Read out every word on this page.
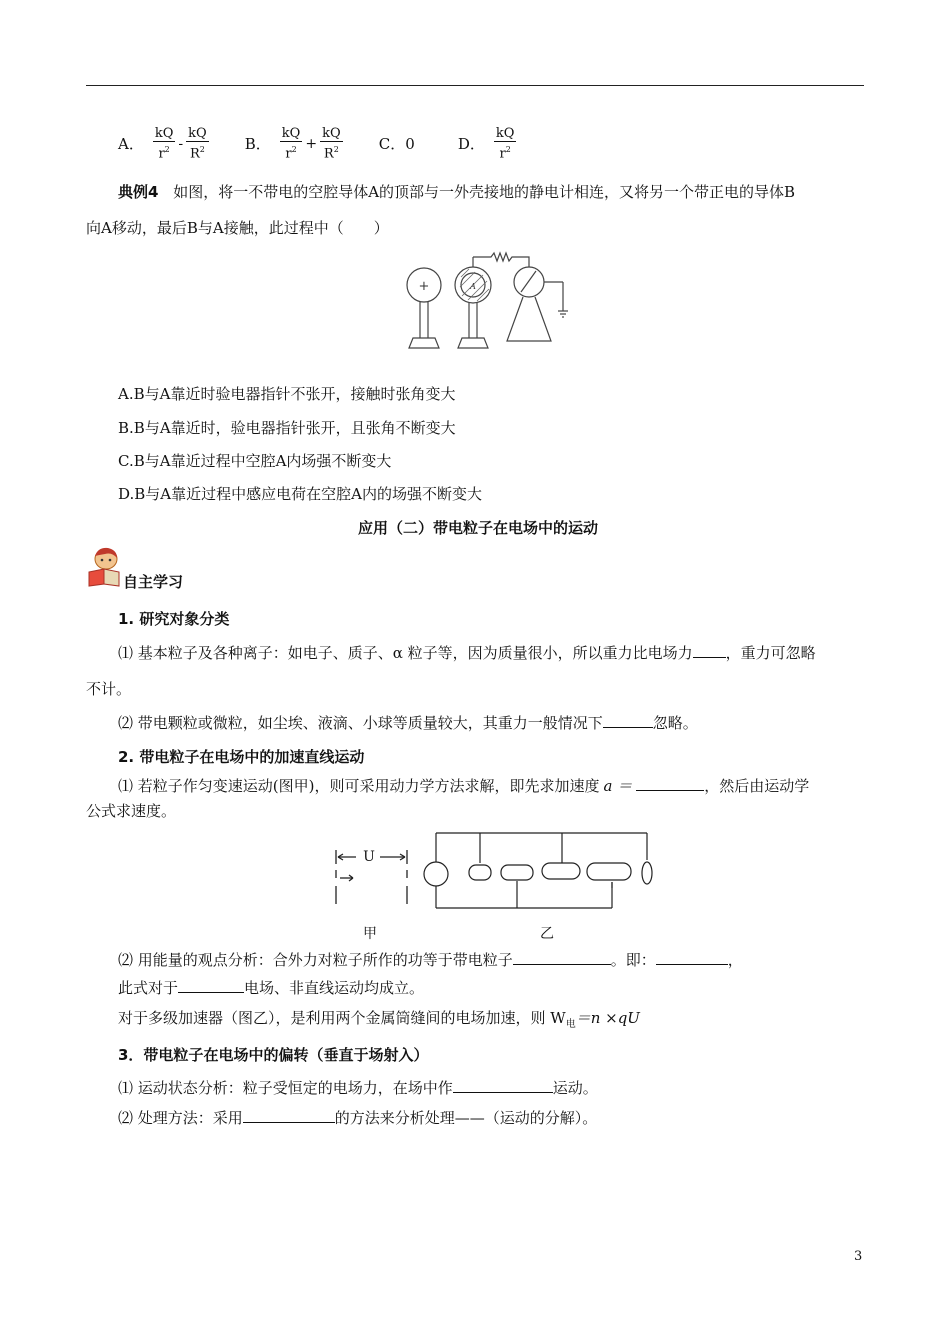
A． $\frac{kQ}{r^2} - \frac{kQ}{R^2}$
B． $\frac{kQ}{r^2} + \frac{kQ}{R^2}$
C．0
	D． $\frac{kQ}{r^2}$
典例4 如图，将一不带电的空腔导体A的顶部与一外壳接地的静电计相连，又将另一个带正电的导体B
向A移动，最后B与A接触，此过程中（　　）
+	A
A.B与A靠近时验电器指针不张开，接触时张角变大
B.B与A靠近时，验电器指针张开，且张角不断变大
C.B与A靠近过程中空腔A内场强不断变大
D.B与A靠近过程中感应电荷在空腔A内的场强不断变大
应用（二）带电粒子在电场中的运动
自主学习
1. 研究对象分类
⑴ 基本粒子及各种离子：如电子、质子、α 粒子等，因为质量很小，所以重力比电场力 ，重力可忽略
不计。
⑵ 带电颗粒或微粒，如尘埃、液滴、小球等质量较大，其重力一般情况下	忽略。
2. 带电粒子在电场中的加速直线运动
⑴ 若粒子作匀变速运动(图甲)，则可采用动力学方法求解，即先求加速度 a ＝	，然后由运动学
公式求速度。
U
甲	乙
⑵ 用能量的观点分析：合外力对粒子所作的功等于带电粒子	。即：	，
此式对于	电场、非直线运动均成立。
对于多级加速器（图乙），是利用两个金属筒缝间的电场加速，则 $W_电=n \times qU$
3．带电粒子在电场中的偏转（垂直于场射入）
⑴ 运动状态分析：粒子受恒定的电场力，在场中作	运动。
⑵ 处理方法：采用	的方法来分析处理——（运动的分解）。
3
